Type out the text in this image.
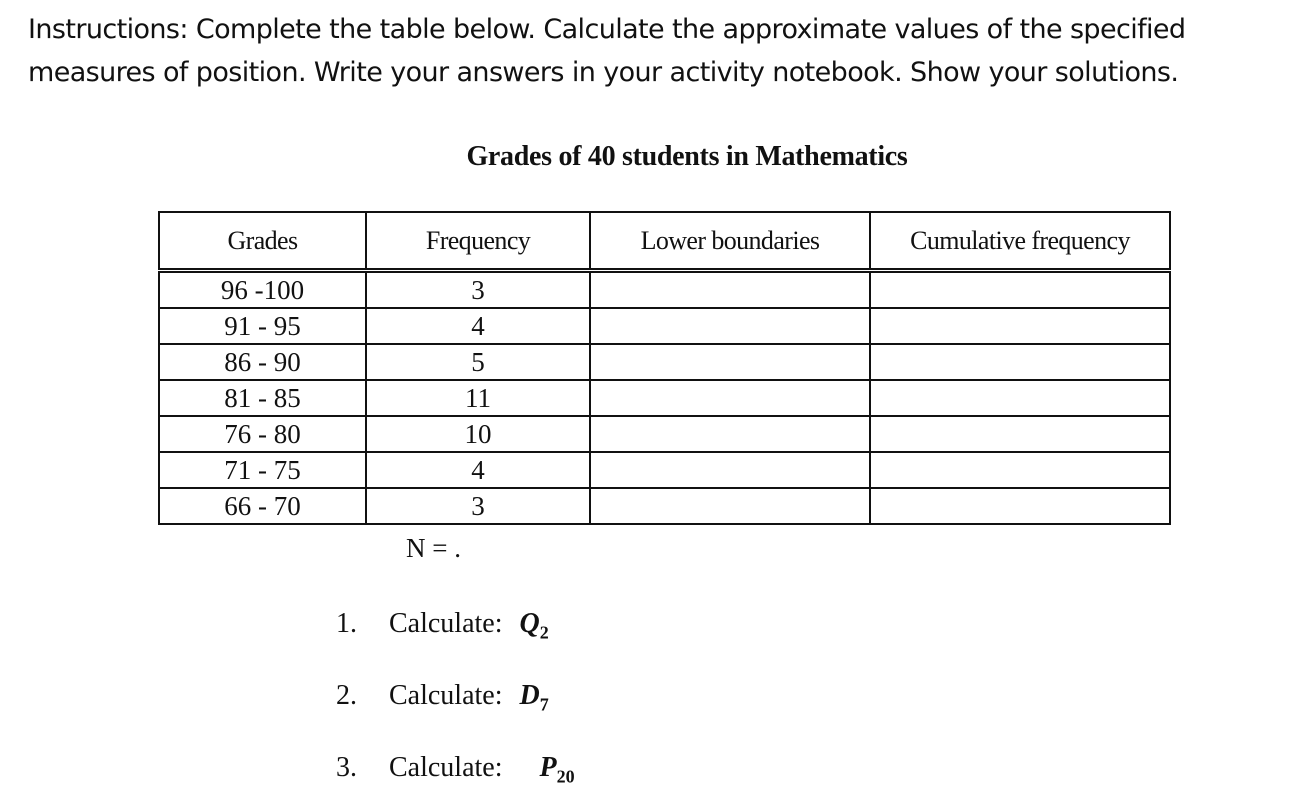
Instructions: Complete the table below. Calculate the approximate values of the specified
measures of position. Write your answers in your activity notebook. Show your solutions.
Grades of 40 students in Mathematics
Grades	Frequency	Lower boundaries	Cumulative frequency
96 -100	3		
91 - 95	4		
86 - 90	5		
81 - 85	11		
76 - 80	10		
71 - 75	4		
66 - 70	3		
N = .
1. Calculate: $Q_2$
2. Calculate: $D_7$
3. Calculate: $P_{20}$
